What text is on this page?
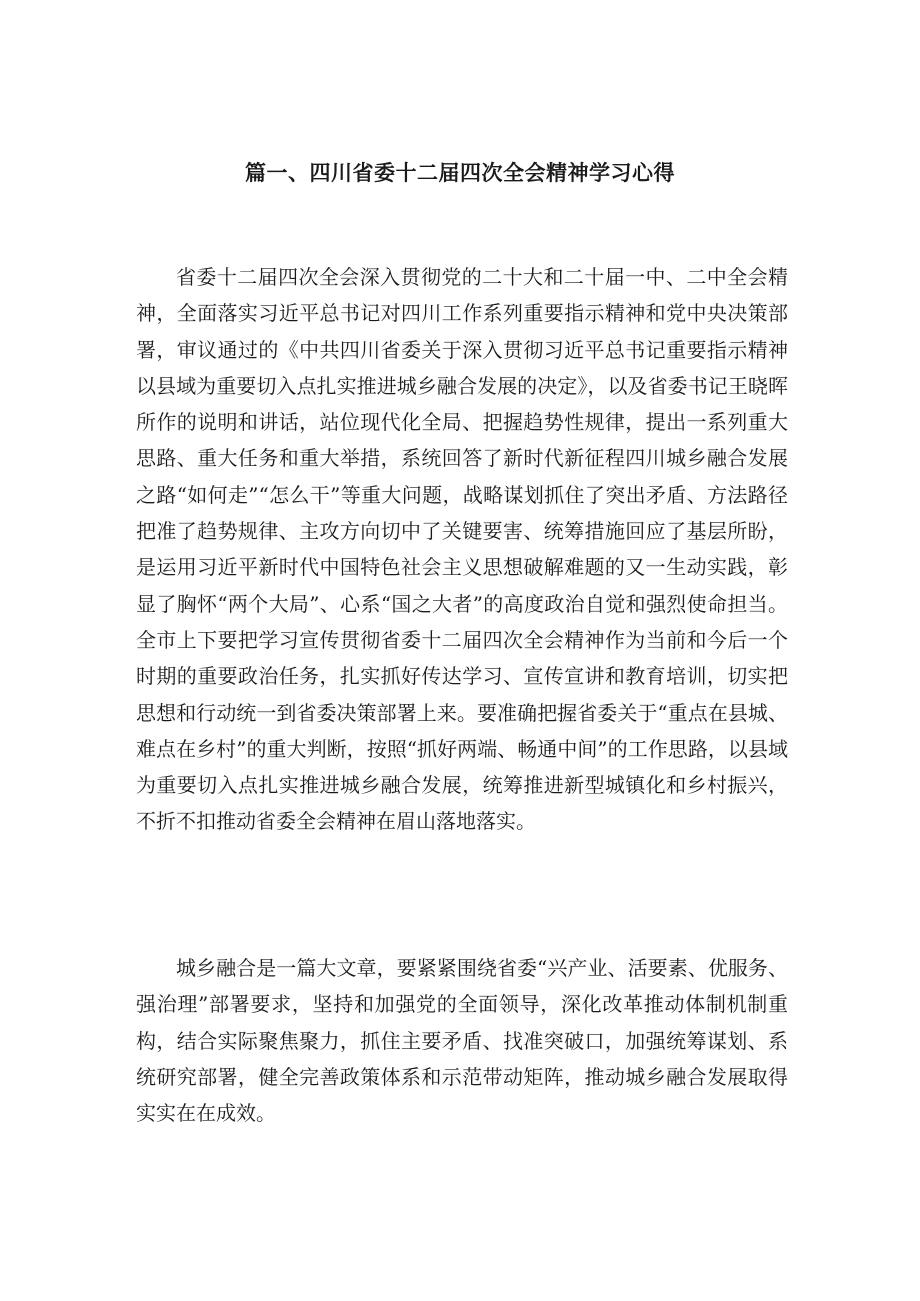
篇一、四川省委十二届四次全会精神学习心得

省委十二届四次全会深入贯彻党的二十大和二十届一中、二中全会精神，全面落实习近平总书记对四川工作系列重要指示精神和党中央决策部署，审议通过的《中共四川省委关于深入贯彻习近平总书记重要指示精神以县域为重要切入点扎实推进城乡融合发展的决定》，以及省委书记王晓晖所作的说明和讲话，站位现代化全局、把握趋势性规律，提出一系列重大思路、重大任务和重大举措，系统回答了新时代新征程四川城乡融合发展之路“如何走”“怎么干”等重大问题，战略谋划抓住了突出矛盾、方法路径把准了趋势规律、主攻方向切中了关键要害、统筹措施回应了基层所盼，是运用习近平新时代中国特色社会主义思想破解难题的又一生动实践，彰显了胸怀“两个大局”、心系“国之大者”的高度政治自觉和强烈使命担当。全市上下要把学习宣传贯彻省委十二届四次全会精神作为当前和今后一个时期的重要政治任务，扎实抓好传达学习、宣传宣讲和教育培训，切实把思想和行动统一到省委决策部署上来。要准确把握省委关于“重点在县城、难点在乡村”的重大判断，按照“抓好两端、畅通中间”的工作思路，以县域为重要切入点扎实推进城乡融合发展，统筹推进新型城镇化和乡村振兴，不折不扣推动省委全会精神在眉山落地落实。

城乡融合是一篇大文章，要紧紧围绕省委“兴产业、活要素、优服务、强治理”部署要求，坚持和加强党的全面领导，深化改革推动体制机制重构，结合实际聚焦聚力，抓住主要矛盾、找准突破口，加强统筹谋划、系统研究部署，健全完善政策体系和示范带动矩阵，推动城乡融合发展取得实实在在成效。
